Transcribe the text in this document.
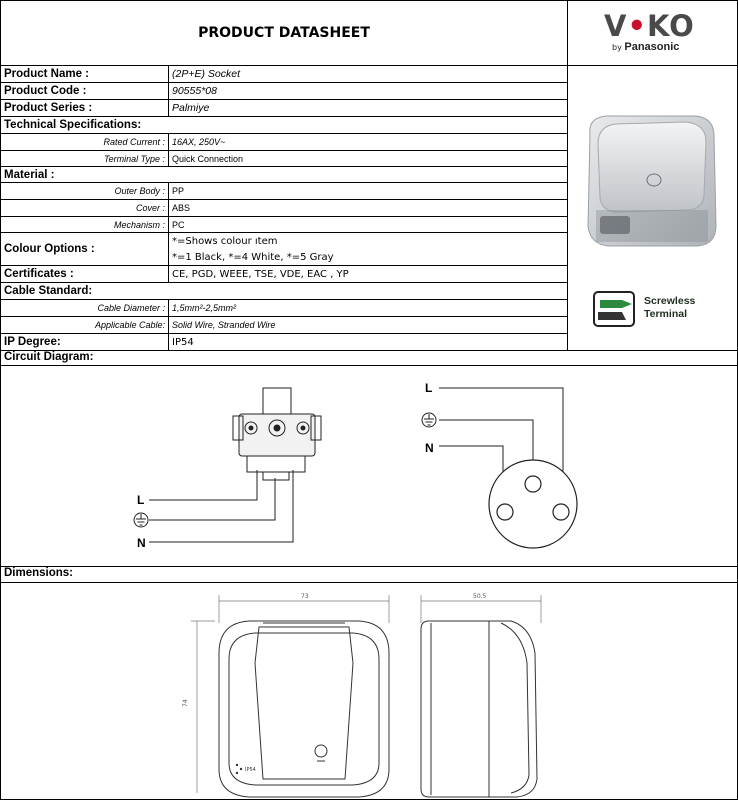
PRODUCT DATASHEET	V•KO
by Panasonic
Product Name :	(2P+E) Socket
Product Code :	90555*08
Product Series :	Palmiye
Technical Specifications:
Rated Current : 16AX, 250V~
Terminal Type : Quick Connection
Material :
Outer Body : PP
Cover : ABS
Mechanism : PC
Colour Options :
*=Shows colour ıtem
*=1 Black, *=4 White, *=5 Gray
Certificates :	CE, PGD, WEEE, TSE, VDE, EAC , YP
Cable Standard:
Cable Diameter : 1,5mm²-2,5mm²
Applicable Cable: Solid Wire, Stranded Wire
IP Degree:	IP54
Screwless
Terminal
Circuit Diagram:
L
N
L
N
Dimensions:
73
74
IP54
50.5
